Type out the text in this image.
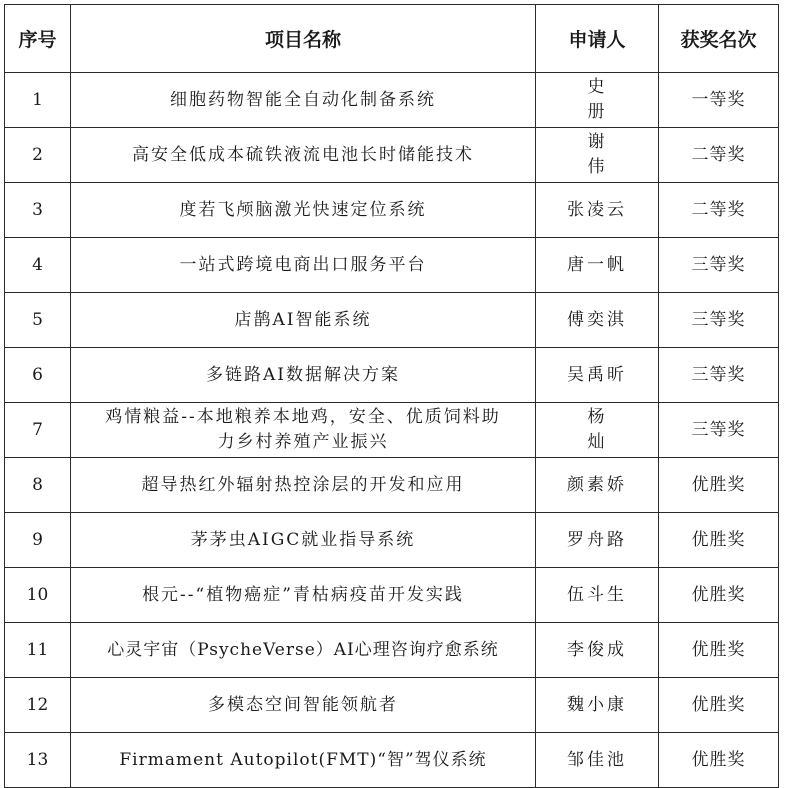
序号	项目名称	申请人	获奖名次
1	细胞药物智能全自动化制备系统	史 册	一等奖
2	高安全低成本硫铁液流电池长时储能技术	谢 伟	二等奖
3	度若飞颅脑激光快速定位系统	张凌云	二等奖
4	一站式跨境电商出口服务平台	唐一帆	三等奖
5	店鹊AI智能系统	傅奕淇	三等奖
6	多链路AI数据解决方案	吴禹昕	三等奖
7	鸡情粮益--本地粮养本地鸡，安全、优质饲料助力乡村养殖产业振兴	杨 灿	三等奖
8	超导热红外辐射热控涂层的开发和应用	颜素娇	优胜奖
9	茅茅虫AIGC就业指导系统	罗舟路	优胜奖
10	根元--“植物癌症”青枯病疫苗开发实践	伍斗生	优胜奖
11	心灵宇宙（PsycheVerse）AI心理咨询疗愈系统	李俊成	优胜奖
12	多模态空间智能领航者	魏小康	优胜奖
13	Firmament Autopilot(FMT)“智”驾仪系统	邹佳池	优胜奖
